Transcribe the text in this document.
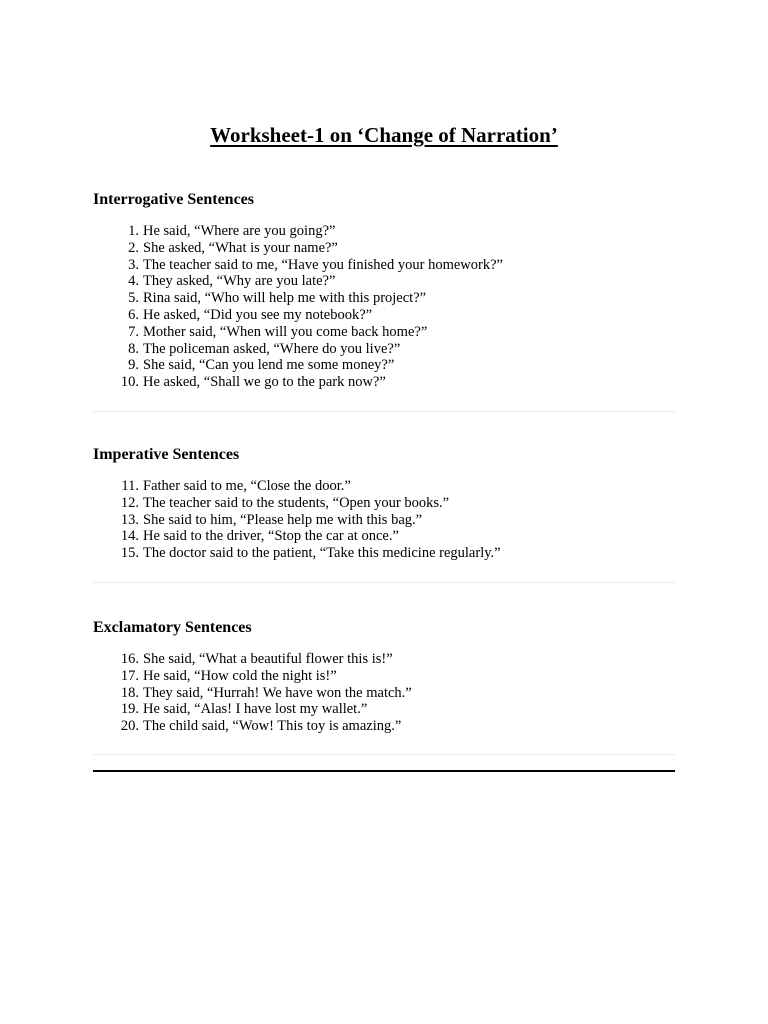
Worksheet-1 on ‘Change of Narration’
Interrogative Sentences
1. He said, “Where are you going?”
2. She asked, “What is your name?”
3. The teacher said to me, “Have you finished your homework?”
4. They asked, “Why are you late?”
5. Rina said, “Who will help me with this project?”
6. He asked, “Did you see my notebook?”
7. Mother said, “When will you come back home?”
8. The policeman asked, “Where do you live?”
9. She said, “Can you lend me some money?”
10. He asked, “Shall we go to the park now?”
Imperative Sentences
11. Father said to me, “Close the door.”
12. The teacher said to the students, “Open your books.”
13. She said to him, “Please help me with this bag.”
14. He said to the driver, “Stop the car at once.”
15. The doctor said to the patient, “Take this medicine regularly.”
Exclamatory Sentences
16. She said, “What a beautiful flower this is!”
17. He said, “How cold the night is!”
18. They said, “Hurrah! We have won the match.”
19. He said, “Alas! I have lost my wallet.”
20. The child said, “Wow! This toy is amazing.”
